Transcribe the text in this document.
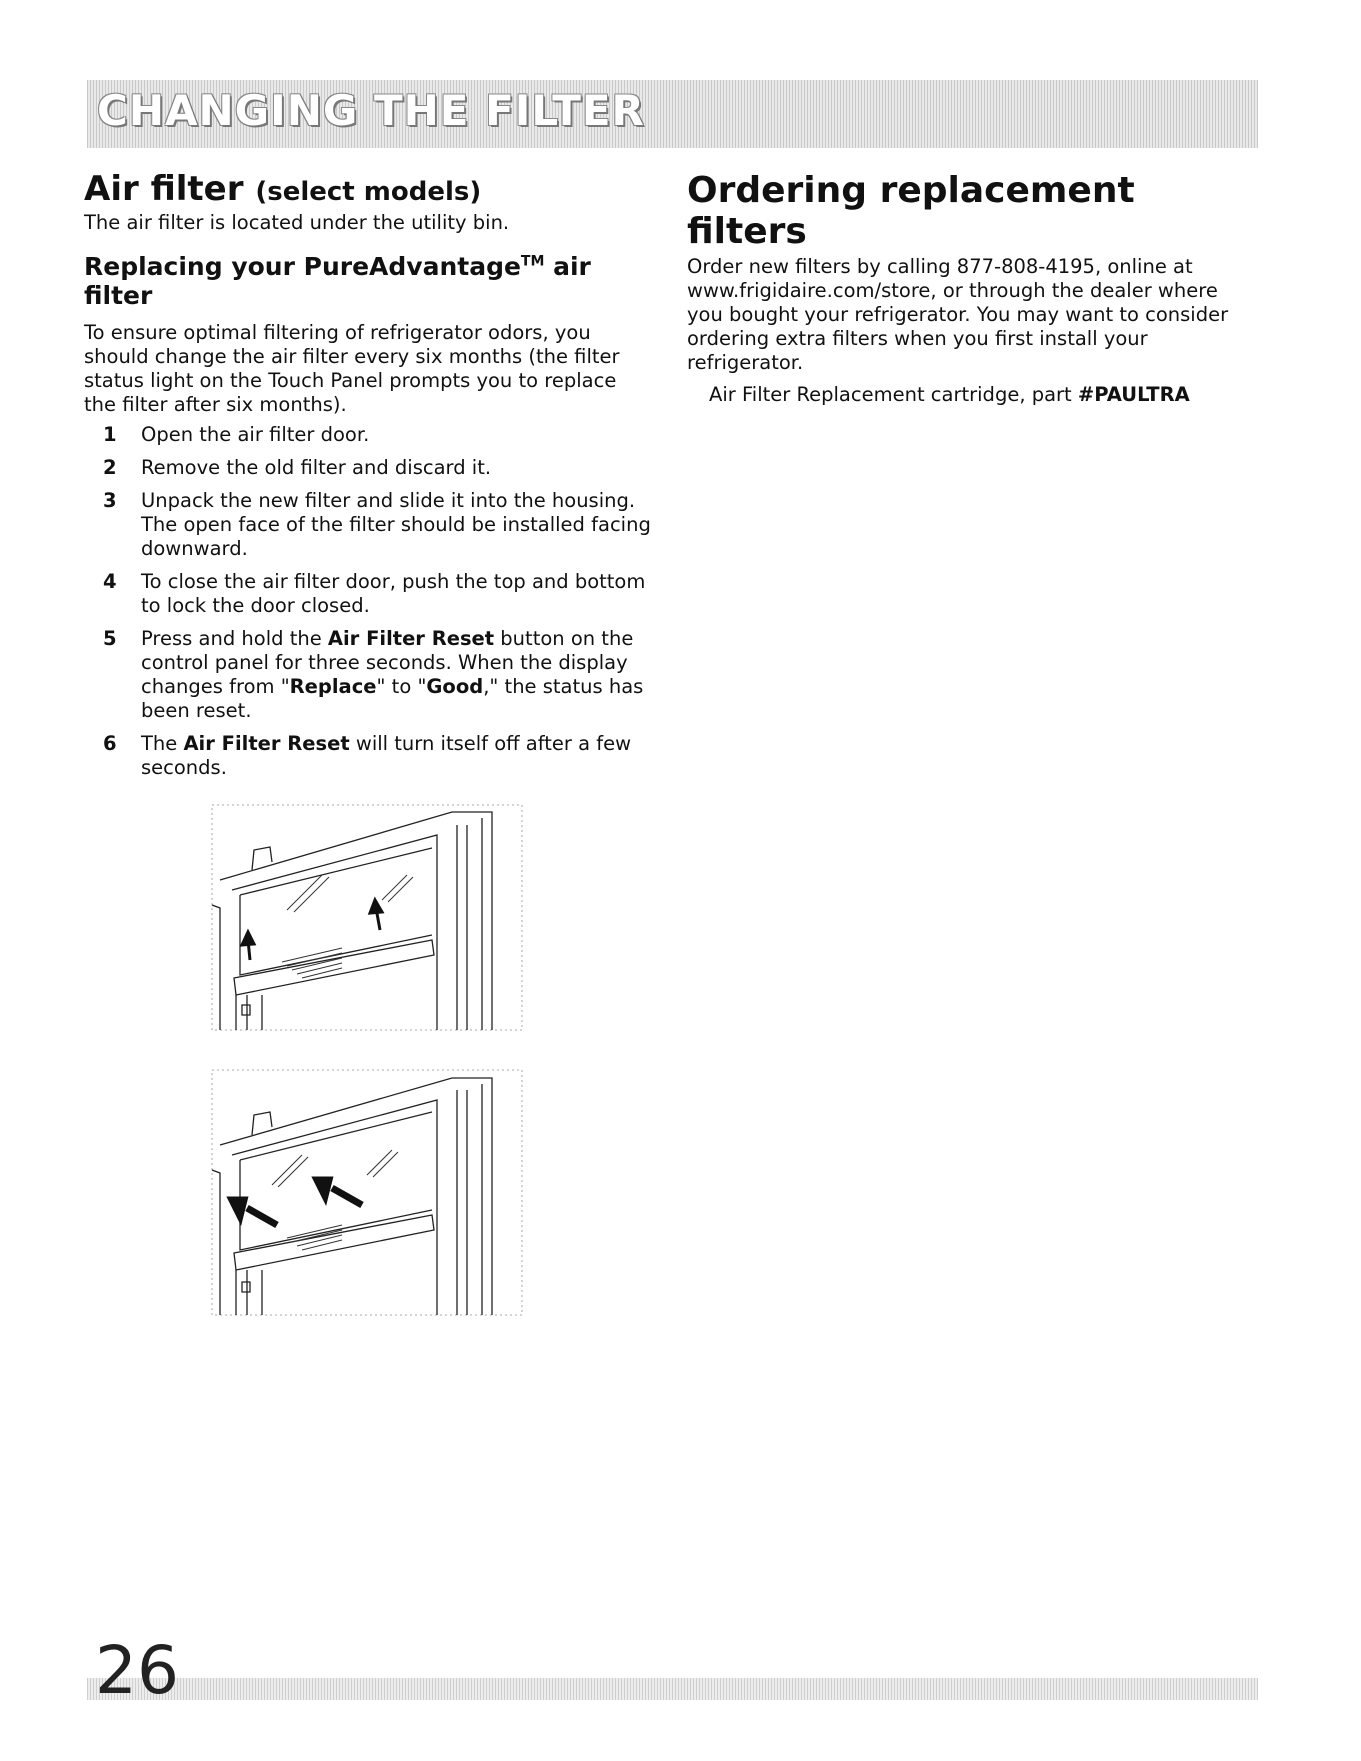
CHANGING THE FILTER
Air filter (select models)

The air filter is located under the utility bin.

Replacing your PureAdvantage™ air filter

To ensure optimal filtering of refrigerator odors, you should change the air filter every six months (the filter status light on the Touch Panel prompts you to replace the filter after six months).

1	Open the air filter door.
2	Remove the old filter and discard it.
3	Unpack the new filter and slide it into the housing. The open face of the filter should be installed facing downward.
4	To close the air filter door, push the top and bottom to lock the door closed.
5	Press and hold the Air Filter Reset button on the control panel for three seconds. When the display changes from "Replace" to "Good," the status has been reset.
6	The Air Filter Reset will turn itself off after a few seconds.
Ordering replacement filters

Order new filters by calling 877-808-4195, online at www.frigidaire.com/store, or through the dealer where you bought your refrigerator. You may want to consider ordering extra filters when you first install your refrigerator.

Air Filter Replacement cartridge, part #PAULTRA
26
